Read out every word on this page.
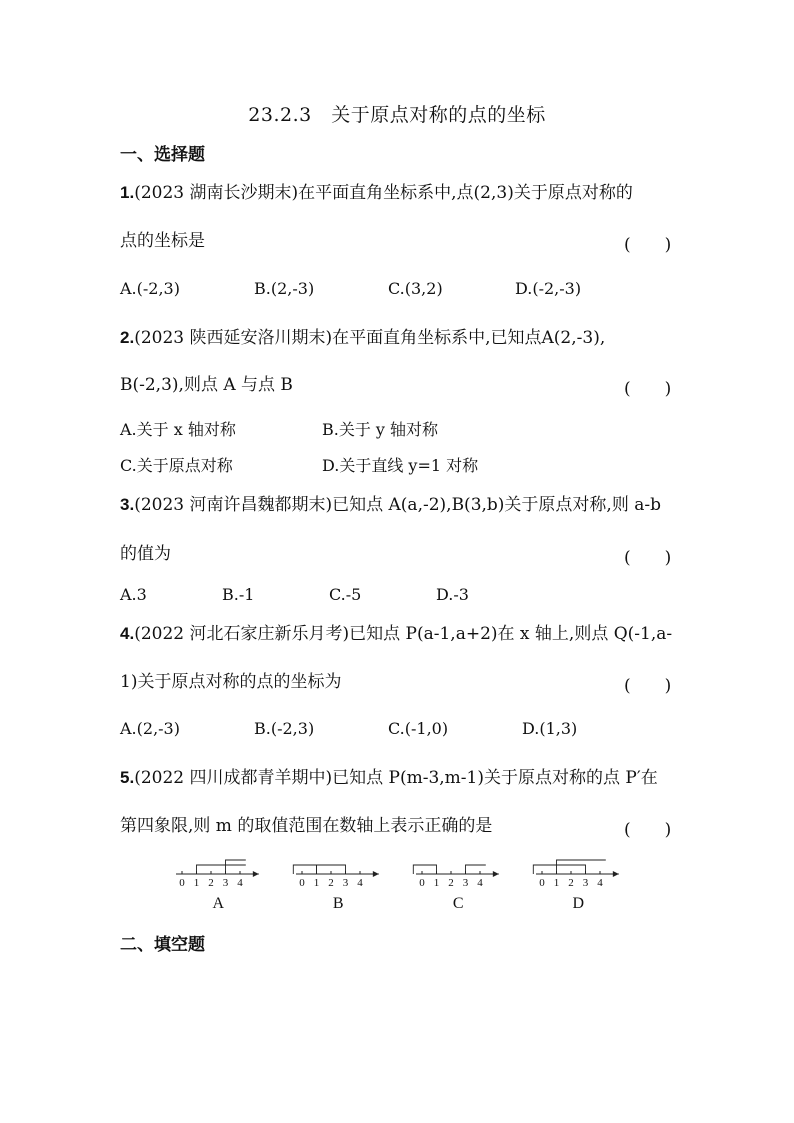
23.2.3　关于原点对称的点的坐标
一、选择题
1.(2023 湖南长沙期末)在平面直角坐标系中,点(2,3)关于原点对称的
点的坐标是	(　　)
A.(-2,3)	B.(2,-3)	C.(3,2)	D.(-2,-3)
2.(2023 陕西延安洛川期末)在平面直角坐标系中,已知点A(2,-3),
B(-2,3),则点 A 与点 B	(　　)
A.关于 x 轴对称	B.关于 y 轴对称
C.关于原点对称	D.关于直线 y=1 对称
3.(2023 河南许昌魏都期末)已知点 A(a,-2),B(3,b)关于原点对称,则 a-b
的值为	(　　)
A.3	B.-1	C.-5	D.-3
4.(2022 河北石家庄新乐月考)已知点 P(a-1,a+2)在 x 轴上,则点 Q(-1,a-
1)关于原点对称的点的坐标为	(　　)
A.(2,-3)	B.(-2,3)	C.(-1,0)	D.(1,3)
5.(2022 四川成都青羊期中)已知点 P(m-3,m-1)关于原点对称的点 P′在
第四象限,则 m 的取值范围在数轴上表示正确的是	(　　)
0 1 2 3 4
A
0 1 2 3 4
B
0 1 2 3 4
C
0 1 2 3 4
D
二、填空题
